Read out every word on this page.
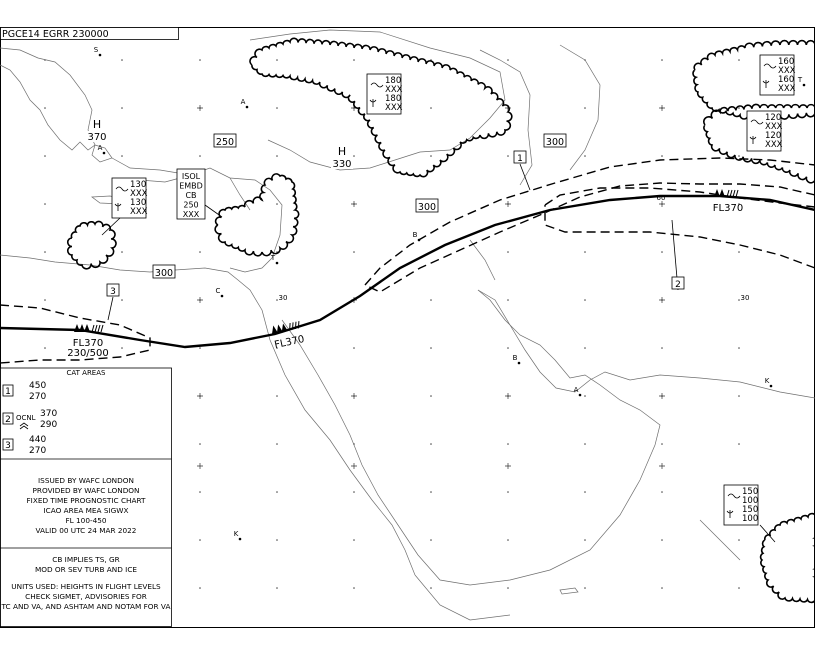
PGCE14 EGRR 230000
180
XXX
180
XXX
160
XXX
160
XXX
120
XXX
120
XXX
130
XXX
130
XXX
150
100
150
100
ISOL
EMBD
CB
250
XXX
S
H
370
H
330
A
A
A
B
B
C
K
K
T
T
250	300
300
300
1
2
3
FL370
230/500
FL370
FL370
60
30	30
CAT AREAS
1
450
270
2 OCNL 370
290
3
440
270
ISSUED BY WAFC LONDON
PROVIDED BY WAFC LONDON
FIXED TIME PROGNOSTIC CHART
ICAO AREA MEA SIGWX
FL 100-450
VALID 00 UTC 24 MAR 2022
CB IMPLIES TS, GR
MOD OR SEV TURB AND ICE
UNITS USED: HEIGHTS IN FLIGHT LEVELS
CHECK SIGMET, ADVISORIES FOR
TC AND VA, AND ASHTAM AND NOTAM FOR VA
